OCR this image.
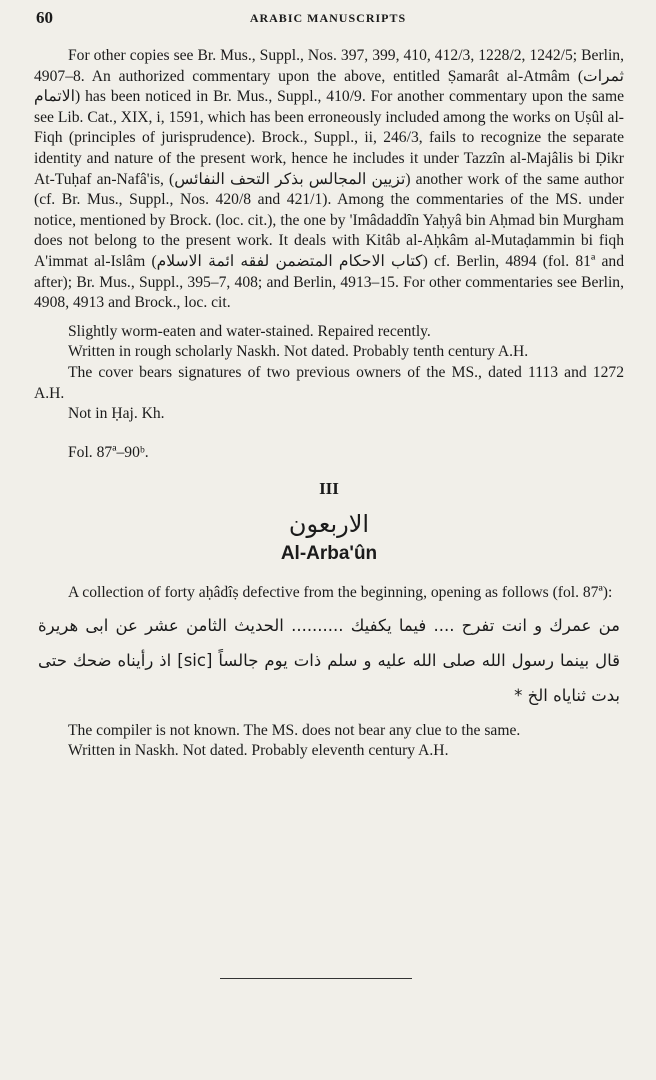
60	ARABIC MANUSCRIPTS

For other copies see Br. Mus., Suppl., Nos. 397, 399, 410, 412/3, 1228/2, 1242/5; Berlin, 4907–8. An authorized commentary upon the above, entitled Ṣamarât al-Atmâm (ثمرات الاتمام) has been noticed in Br. Mus., Suppl., 410/9. For another commentary upon the same see Lib. Cat., XIX, i, 1591, which has been erroneously included among the works on Uṣûl al-Fiqh (principles of jurisprudence). Brock., Suppl., ii, 246/3, fails to recognize the separate identity and nature of the present work, hence he includes it under Tazzîn al-Majâlis bi Ḍikr At-Tuḥaf an-Nafâ'is, (تزيين المجالس بذكر التحف النفائس) another work of the same author (cf. Br. Mus., Suppl., Nos. 420/8 and 421/1). Among the commentaries of the MS. under notice, mentioned by Brock. (loc. cit.), the one by 'Imâdaddîn Yaḥyâ bin Aḥmad bin Murgham does not belong to the present work. It deals with Kitâb al-Aḥkâm al-Mutaḍammin bi fiqh A'immat al-Islâm (كتاب الاحكام المتضمن لفقه ائمة الاسلام) cf. Berlin, 4894 (fol. 81ª and after); Br. Mus., Suppl., 395–7, 408; and Berlin, 4913–15. For other commentaries see Berlin, 4908, 4913 and Brock., loc. cit.

Slightly worm-eaten and water-stained. Repaired recently.

Written in rough scholarly Naskh. Not dated. Probably tenth century A.H.

The cover bears signatures of two previous owners of the MS., dated 1113 and 1272 A.H.

Not in Ḥaj. Kh.

Fol. 87ª–90ᵇ.

III
الاربعون
Al-Arba'ûn

A collection of forty aḥâdîṣ defective from the beginning, opening as follows (fol. 87ª):

من عمرك و انت تفرح .... فيما يكفيك .......... الحديث الثامن عشر عن ابى هريرة قال بينما رسول الله صلى الله عليه و سلم ذات يوم جالساً [sic] اذ رأيناه ضحك حتى بدت ثناياه الخ *

The compiler is not known. The MS. does not bear any clue to the same.

Written in Naskh. Not dated. Probably eleventh century A.H.
